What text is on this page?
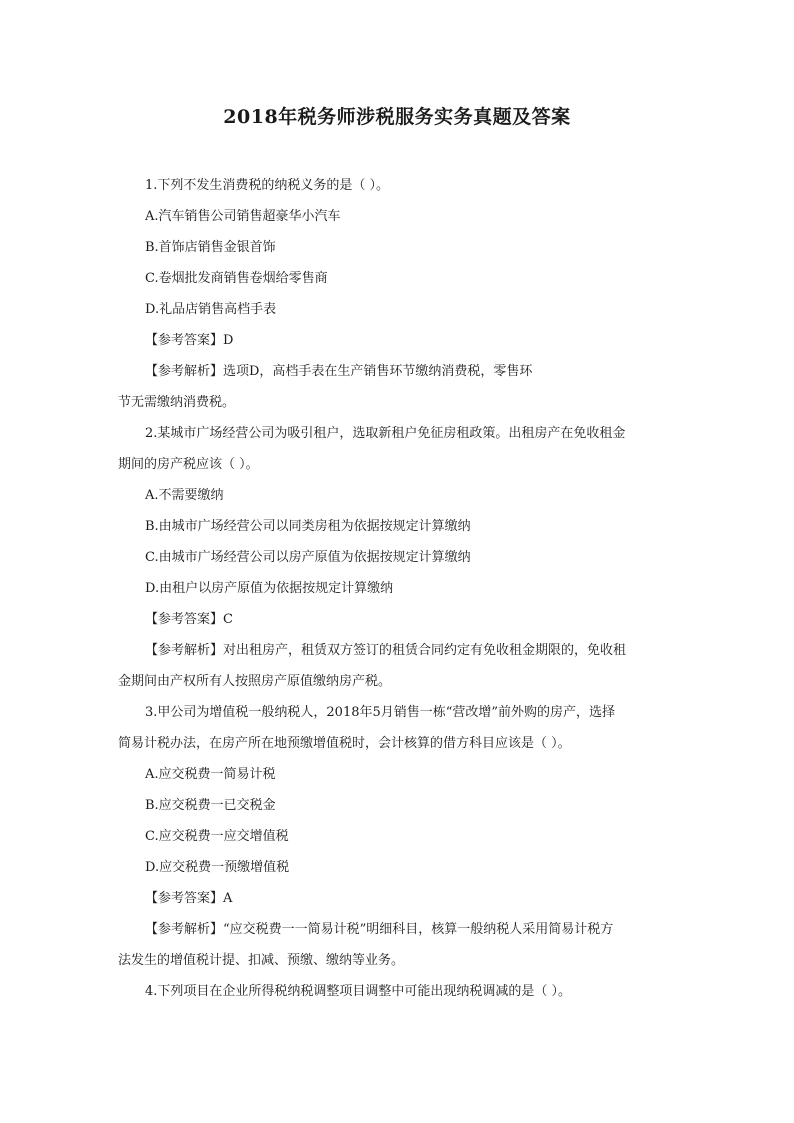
2018年税务师涉税服务实务真题及答案
1.下列不发生消费税的纳税义务的是（ ）。
A.汽车销售公司销售超豪华小汽车
B.首饰店销售金银首饰
C.卷烟批发商销售卷烟给零售商
D.礼品店销售高档手表
【参考答案】D
【参考解析】选项D，高档手表在生产销售环节缴纳消费税，零售环
节无需缴纳消费税。
2.某城市广场经营公司为吸引租户，选取新租户免征房租政策。出租房产在免收租金
期间的房产税应该（ ）。
A.不需要缴纳
B.由城市广场经营公司以同类房租为依据按规定计算缴纳
C.由城市广场经营公司以房产原值为依据按规定计算缴纳
D.由租户以房产原值为依据按规定计算缴纳
【参考答案】C
【参考解析】对出租房产，租赁双方签订的租赁合同约定有免收租金期限的，免收租
金期间由产权所有人按照房产原值缴纳房产税。
3.甲公司为增值税一般纳税人，2018年5月销售一栋“营改增”前外购的房产，选择
简易计税办法，在房产所在地预缴增值税时，会计核算的借方科目应该是（ ）。
A.应交税费一简易计税
B.应交税费一已交税金
C.应交税费一应交增值税
D.应交税费一预缴增值税
【参考答案】A
【参考解析】“应交税费一一简易计税”明细科目，核算一般纳税人采用简易计税方
法发生的增值税计提、扣减、预缴、缴纳等业务。
4.下列项目在企业所得税纳税调整项目调整中可能出现纳税调减的是（ ）。
